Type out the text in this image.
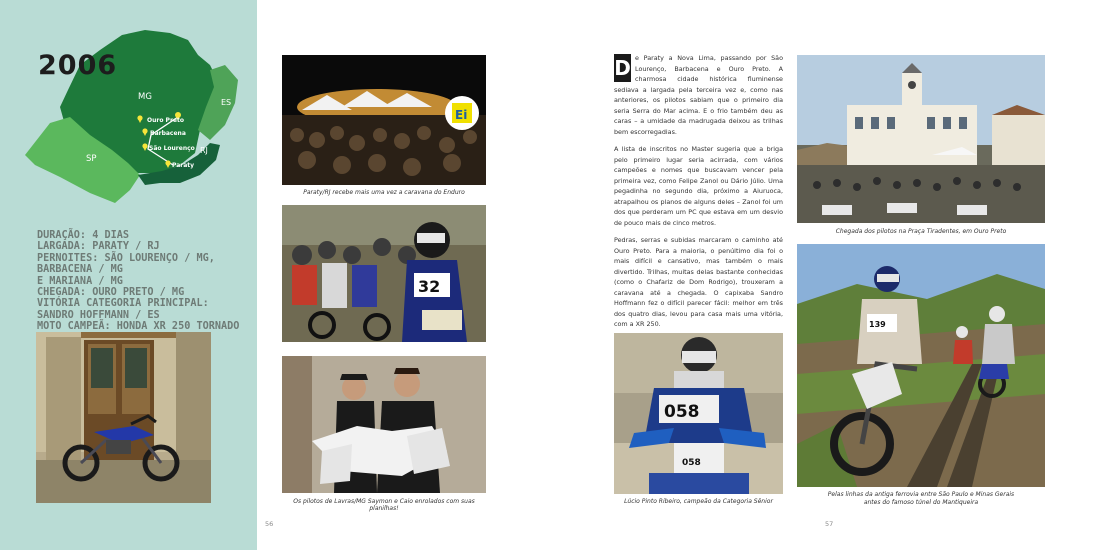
MG
ES
SP
RJ
Ouro Preto
Barbacena
São Lourenço
Paraty
2006
DURAÇÃO: 4 DIAS
LARGADA: PARATY / RJ
PERNOITES: SÃO LOURENÇO / MG, BARBACENA / MG
E MARIANA / MG
CHEGADA: OURO PRETO / MG
VITÓRIA CATEGORIA PRINCIPAL:
SANDRO HOFFMANN / ES
MOTO CAMPEÃ: HONDA XR 250 TORNADO
Ei
Paraty/RJ recebe mais uma vez a caravana do Enduro
32
Os pilotos de Lavras/MG Saymon e Caio enrolados com suas planilhas!
56

D e Paraty a Nova Lima, passando por São Lourenço, Barbacena e Ouro Preto. A charmosa cidade histórica fluminense sediava a largada pela terceira vez e, como nas anteriores, os pilotos sabiam que o primeiro dia seria Serra do Mar acima. E o frio também deu as caras – a umidade da madrugada deixou as trilhas bem escorregadias.

A lista de inscritos no Master sugeria que a briga pelo primeiro lugar seria acirrada, com vários campeões e nomes que buscavam vencer pela primeira vez, como Felipe Zanol ou Dário Júlio. Uma pegadinha no segundo dia, próximo a Aiuruoca, atrapalhou os planos de alguns deles – Zanol foi um dos que perderam um PC que estava em um desvio de pouco mais de cinco metros.

Pedras, serras e subidas marcaram o caminho até Ouro Preto. Para a maioria, o penúltimo dia foi o mais difícil e cansativo, mas também o mais divertido. Trilhas, muitas delas bastante conhecidas (como o Chafariz de Dom Rodrigo), trouxeram a caravana até a chegada. O capixaba Sandro Hoffmann fez o difícil parecer fácil: melhor em três dos quatro dias, levou para casa mais uma vitória, com a XR 250.

058
058
Lúcio Pinto Ribeiro, campeão da Categoria Sênior
Chegada dos pilotos na Praça Tiradentes, em Ouro Preto
139
Pelas linhas da antiga ferrovia entre São Paulo e Minas Gerais
antes do famoso túnel do Mantiqueira
57
